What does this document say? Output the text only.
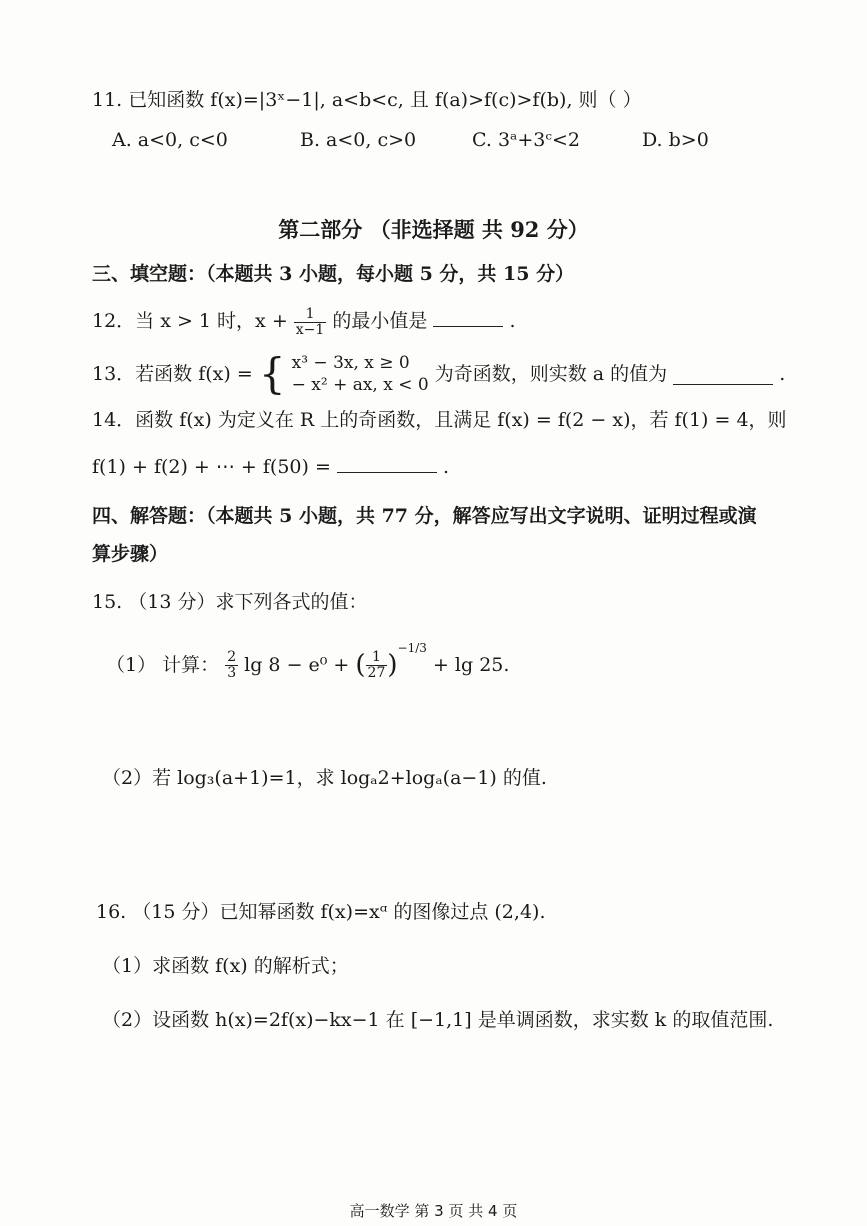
11. 已知函数 f(x)=|3ˣ−1|, a<b<c, 且 f(a)>f(c)>f(b), 则（ ）
A. a<0, c<0	B. a<0, c>0	C. 3ᵃ+3ᶜ<2	D. b>0
第二部分 （非选择题 共 92 分）
三、填空题：（本题共 3 小题，每小题 5 分，共 15 分）
12．当 x > 1 时，$x + \frac{1}{x-1}$ 的最小值是	.
13．若函数 f(x) = { x³ − 3x, x ≥ 0
− x² + ax, x < 0 为奇函数，则实数 a 的值为	.
14．函数 f(x) 为定义在 R 上的奇函数，且满足 f(x) = f(2 − x)，若 f(1) = 4，则
f(1) + f(2) + ⋯ + f(50) =	.
四、解答题：（本题共 5 小题，共 77 分，解答应写出文字说明、证明过程或演
算步骤）
15. （13 分）求下列各式的值：
（1） 计算： $\frac{2}{3}$ lg 8 − e⁰ + ( $\frac{1}{27} )^{-1/3} + \lg 25$.
（2）若 log₃(a+1)=1，求 logₐ2+logₐ(a−1) 的值.
16. （15 分）已知幂函数 f(x)=xᵅ 的图像过点 (2,4).
（1）求函数 f(x) 的解析式；
（2）设函数 h(x)=2f(x)−kx−1 在 [−1,1] 是单调函数，求实数 k 的取值范围.
高一数学 第 3 页 共 4 页
